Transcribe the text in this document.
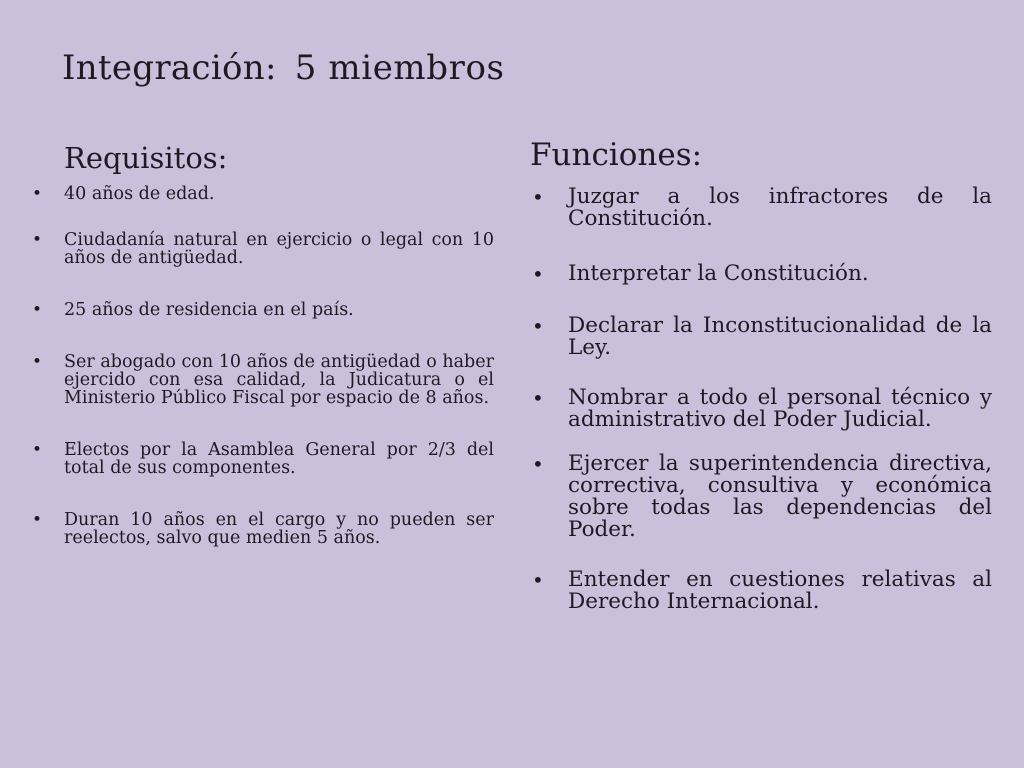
Integración: 5 miembros
Requisitos:
• 40 años de edad.
• Ciudadanía natural en ejercicio o legal con 10 años de antigüedad.
• 25 años de residencia en el país.
• Ser abogado con 10 años de antigüedad o haber ejercido con esa calidad, la Judicatura o el Ministerio Público Fiscal por espacio de 8 años.
• Electos por la Asamblea General por 2/3 del total de sus componentes.
• Duran 10 años en el cargo y no pueden ser reelectos, salvo que medien 5 años.
Funciones:
• Juzgar a los infractores de la Constitución.
• Interpretar la Constitución.
• Declarar la Inconstitucionalidad de la Ley.
• Nombrar a todo el personal técnico y administrativo del Poder Judicial.
• Ejercer la superintendencia directiva, correctiva, consultiva y económica sobre todas las dependencias del Poder.
• Entender en cuestiones relativas al Derecho Internacional.
